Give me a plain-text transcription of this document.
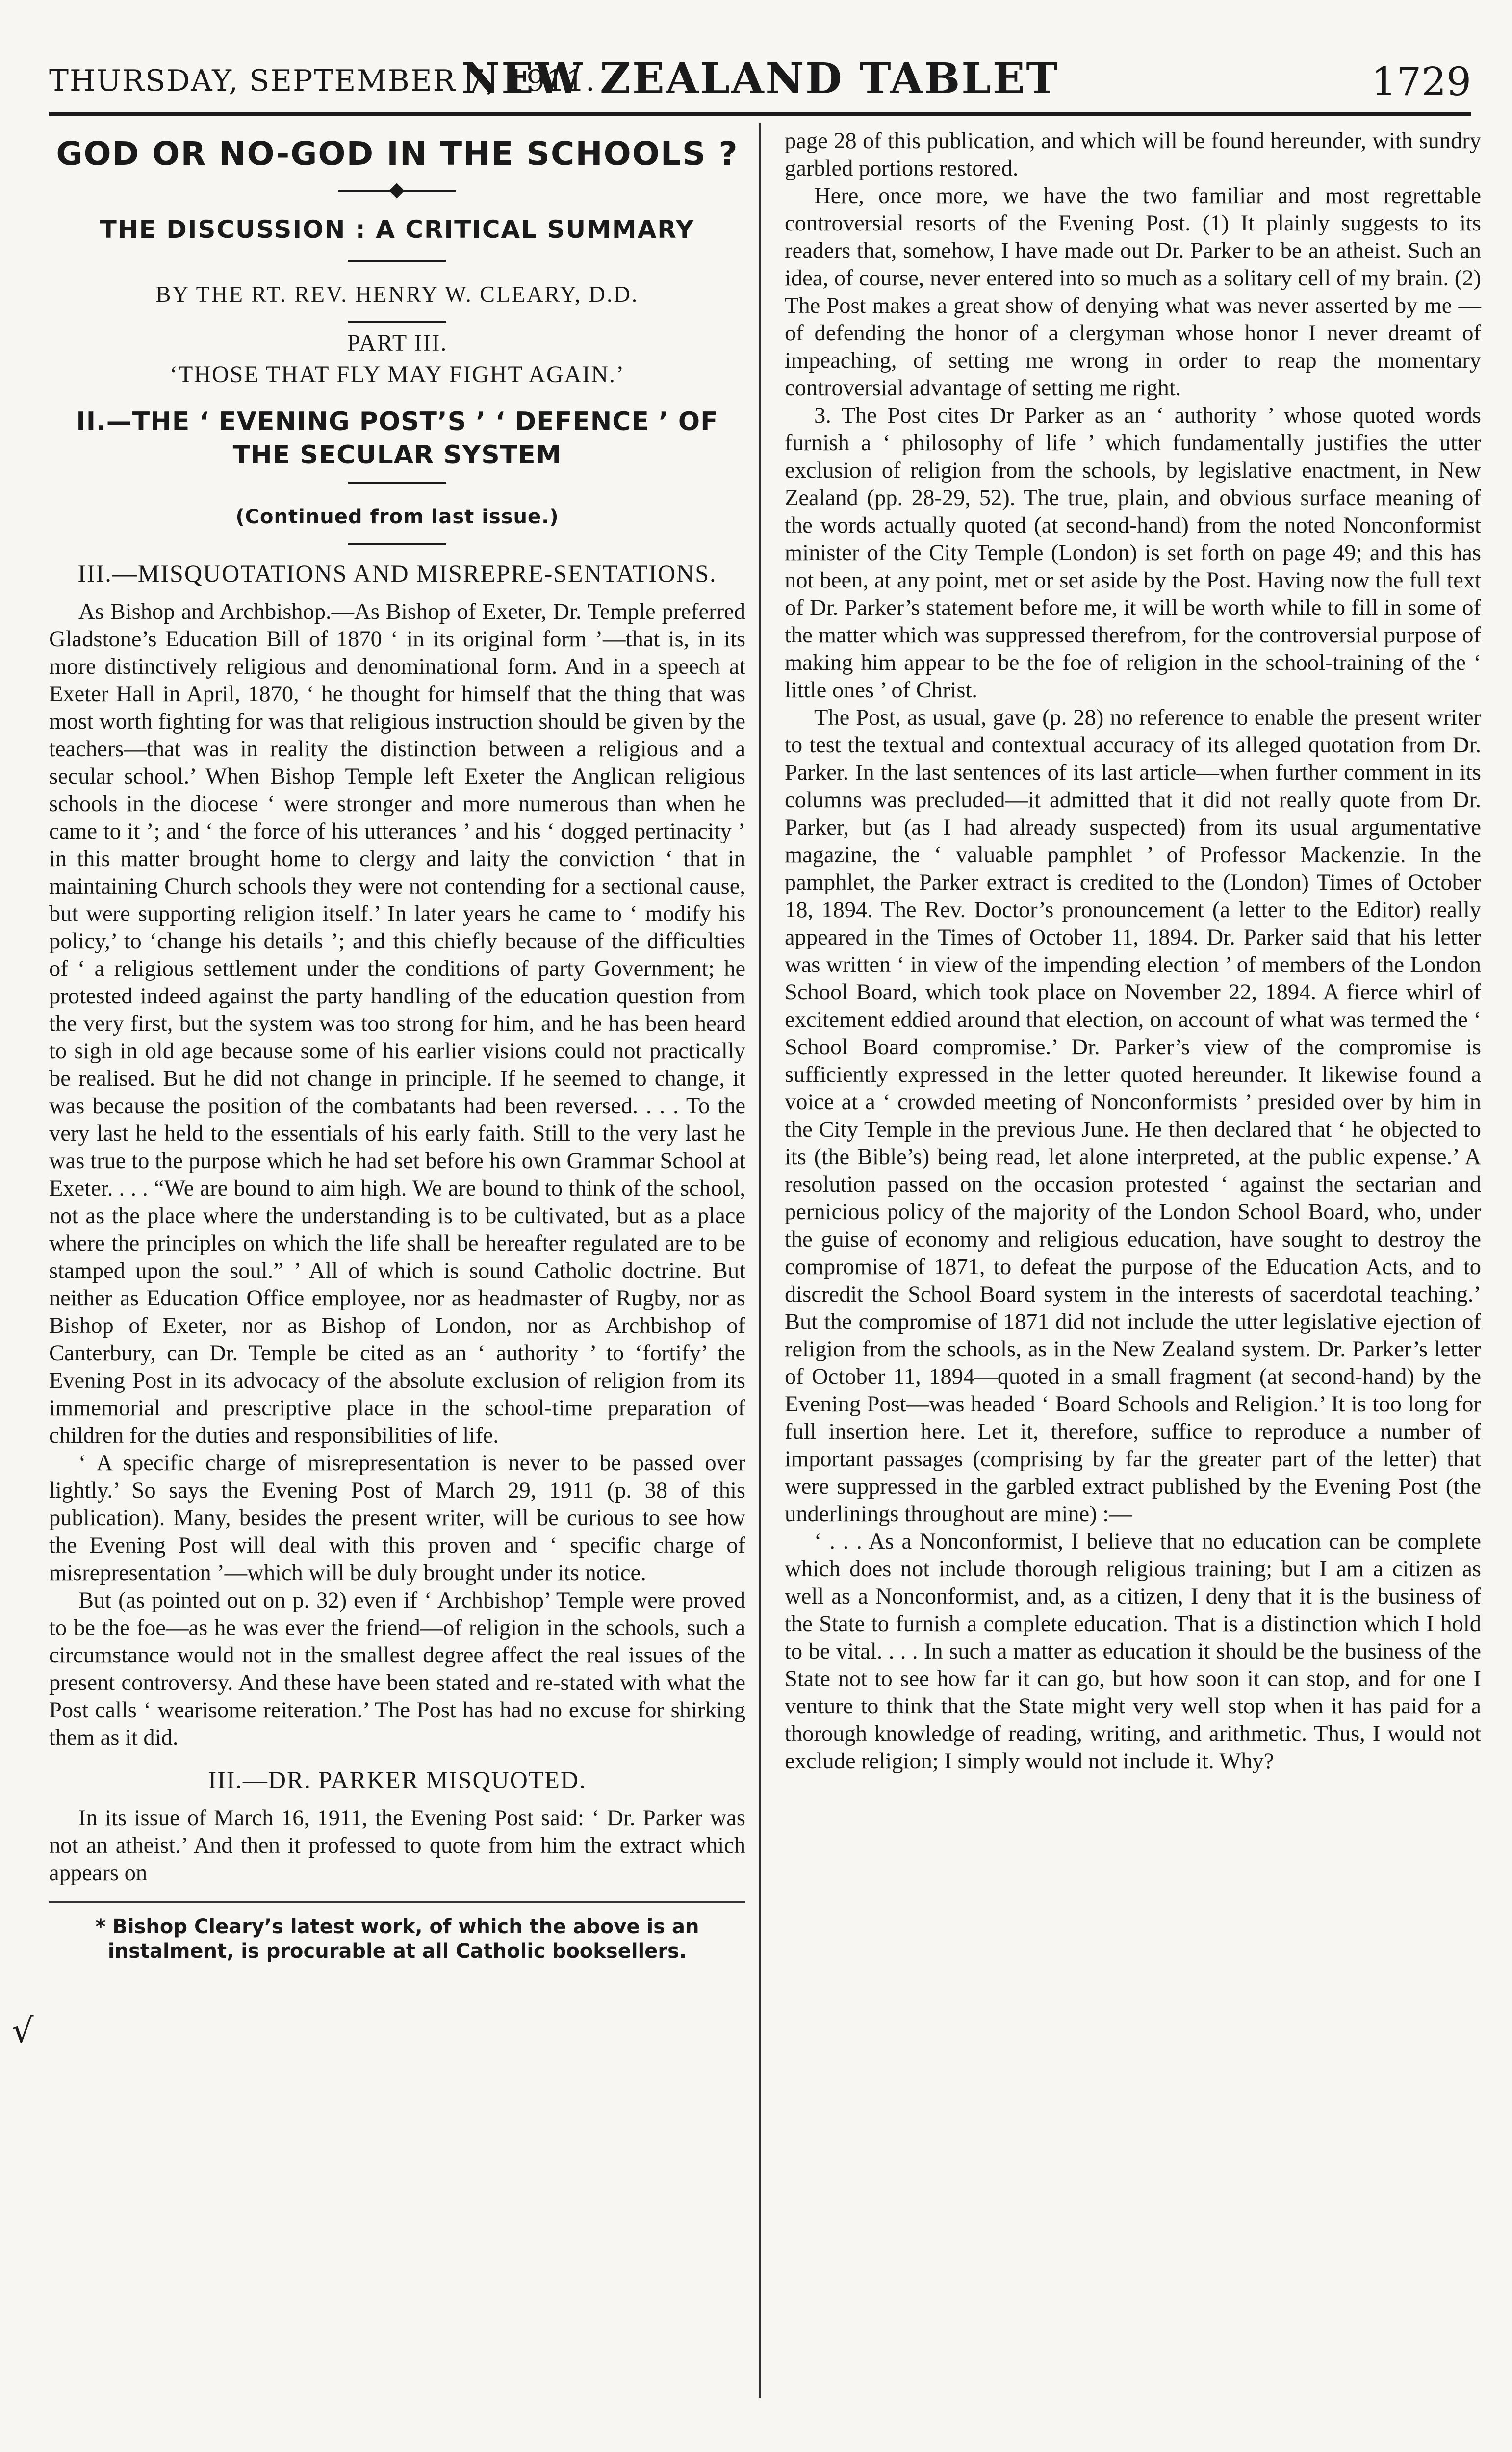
THURSDAY, SEPTEMBER 7, 1911.
NEW ZEALAND TABLET	1729
√
GOD OR NO-GOD IN THE SCHOOLS ?
THE DISCUSSION : A CRITICAL SUMMARY
BY THE RT. REV. HENRY W. CLEARY, D.D.
PART III.
‘THOSE THAT FLY MAY FIGHT AGAIN.’
II.—THE ‘ EVENING POST’S ’ ‘ DEFENCE ’ OF THE SECULAR SYSTEM
(Continued from last issue.)
III.—MISQUOTATIONS AND MISREPRE-SENTATIONS.

As Bishop and Archbishop.—As Bishop of Exeter, Dr. Temple preferred Gladstone’s Education Bill of 1870 ‘ in its original form ’—that is, in its more distinctively religious and denominational form. And in a speech at Exeter Hall in April, 1870, ‘ he thought for himself that the thing that was most worth fighting for was that religious instruction should be given by the teachers—that was in reality the distinction between a religious and a secular school.’ When Bishop Temple left Exeter the Anglican religious schools in the diocese ‘ were stronger and more numerous than when he came to it ’; and ‘ the force of his utterances ’ and his ‘ dogged pertinacity ’ in this matter brought home to clergy and laity the conviction ‘ that in maintaining Church schools they were not contending for a sectional cause, but were supporting religion itself.’ In later years he came to ‘ modify his policy,’ to ‘change his details ’; and this chiefly because of the difficulties of ‘ a religious settlement under the conditions of party Government; he protested indeed against the party handling of the education question from the very first, but the system was too strong for him, and he has been heard to sigh in old age because some of his earlier visions could not practically be realised. But he did not change in principle. If he seemed to change, it was because the position of the combatants had been reversed. . . . To the very last he held to the essentials of his early faith. Still to the very last he was true to the purpose which he had set before his own Grammar School at Exeter. . . . “We are bound to aim high. We are bound to think of the school, not as the place where the understanding is to be cultivated, but as a place where the principles on which the life shall be hereafter regulated are to be stamped upon the soul.” ’ All of which is sound Catholic doctrine. But neither as Education Office employee, nor as headmaster of Rugby, nor as Bishop of Exeter, nor as Bishop of London, nor as Archbishop of Canterbury, can Dr. Temple be cited as an ‘ authority ’ to ‘fortify’ the Evening Post in its advocacy of the absolute exclusion of religion from its immemorial and prescriptive place in the school-time preparation of children for the duties and responsibilities of life.

‘ A specific charge of misrepresentation is never to be passed over lightly.’ So says the Evening Post of March 29, 1911 (p. 38 of this publication). Many, besides the present writer, will be curious to see how the Evening Post will deal with this proven and ‘ specific charge of misrepresentation ’—which will be duly brought under its notice.

But (as pointed out on p. 32) even if ‘ Archbishop’ Temple were proved to be the foe—as he was ever the friend—of religion in the schools, such a circumstance would not in the smallest degree affect the real issues of the present controversy. And these have been stated and re-stated with what the Post calls ‘ wearisome reiteration.’ The Post has had no excuse for shirking them as it did.

III.—DR. PARKER MISQUOTED.

In its issue of March 16, 1911, the Evening Post said: ‘ Dr. Parker was not an atheist.’ And then it professed to quote from him the extract which appears on

* Bishop Cleary’s latest work, of which the above is an instalment, is procurable at all Catholic booksellers.

page 28 of this publication, and which will be found hereunder, with sundry garbled portions restored.

Here, once more, we have the two familiar and most regrettable controversial resorts of the Evening Post. (1) It plainly suggests to its readers that, somehow, I have made out Dr. Parker to be an atheist. Such an idea, of course, never entered into so much as a solitary cell of my brain. (2) The Post makes a great show of denying what was never asserted by me —of defending the honor of a clergyman whose honor I never dreamt of impeaching, of setting me wrong in order to reap the momentary controversial advantage of setting me right.

3. The Post cites Dr Parker as an ‘ authority ’ whose quoted words furnish a ‘ philosophy of life ’ which fundamentally justifies the utter exclusion of religion from the schools, by legislative enactment, in New Zealand (pp. 28-29, 52). The true, plain, and obvious surface meaning of the words actually quoted (at second-hand) from the noted Nonconformist minister of the City Temple (London) is set forth on page 49; and this has not been, at any point, met or set aside by the Post. Having now the full text of Dr. Parker’s statement before me, it will be worth while to fill in some of the matter which was suppressed therefrom, for the controversial purpose of making him appear to be the foe of religion in the school-training of the ‘ little ones ’ of Christ.

The Post, as usual, gave (p. 28) no reference to enable the present writer to test the textual and contextual accuracy of its alleged quotation from Dr. Parker. In the last sentences of its last article—when further comment in its columns was precluded—it admitted that it did not really quote from Dr. Parker, but (as I had already suspected) from its usual argumentative magazine, the ‘ valuable pamphlet ’ of Professor Mackenzie. In the pamphlet, the Parker extract is credited to the (London) Times of October 18, 1894. The Rev. Doctor’s pronouncement (a letter to the Editor) really appeared in the Times of October 11, 1894. Dr. Parker said that his letter was written ‘ in view of the impending election ’ of members of the London School Board, which took place on November 22, 1894. A fierce whirl of excitement eddied around that election, on account of what was termed the ‘ School Board compromise.’ Dr. Parker’s view of the compromise is sufficiently expressed in the letter quoted hereunder. It likewise found a voice at a ‘ crowded meeting of Nonconformists ’ presided over by him in the City Temple in the previous June. He then declared that ‘ he objected to its (the Bible’s) being read, let alone interpreted, at the public expense.’ A resolution passed on the occasion protested ‘ against the sectarian and pernicious policy of the majority of the London School Board, who, under the guise of economy and religious education, have sought to destroy the compromise of 1871, to defeat the purpose of the Education Acts, and to discredit the School Board system in the interests of sacerdotal teaching.’ But the compromise of 1871 did not include the utter legislative ejection of religion from the schools, as in the New Zealand system. Dr. Parker’s letter of October 11, 1894—quoted in a small fragment (at second-hand) by the Evening Post—was headed ‘ Board Schools and Religion.’ It is too long for full insertion here. Let it, therefore, suffice to reproduce a number of important passages (comprising by far the greater part of the letter) that were suppressed in the garbled extract published by the Evening Post (the underlinings throughout are mine) :—

‘ . . . As a Nonconformist, I believe that no education can be complete which does not include thorough religious training; but I am a citizen as well as a Nonconformist, and, as a citizen, I deny that it is the business of the State to furnish a complete education. That is a distinction which I hold to be vital. . . . In such a matter as education it should be the business of the State not to see how far it can go, but how soon it can stop, and for one I venture to think that the State might very well stop when it has paid for a thorough knowledge of reading, writing, and arithmetic. Thus, I would not exclude religion; I simply would not include it. Why?
